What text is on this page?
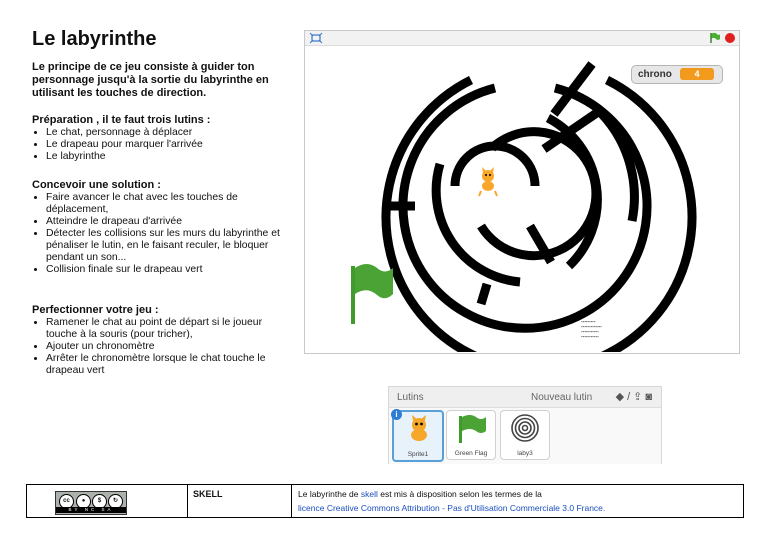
Le labyrinthe
Le principe de ce jeu consiste à guider ton personnage jusqu'à la sortie du labyrinthe en utilisant les touches de direction.
Préparation , il te faut trois lutins :
• Le chat, personnage à déplacer
• Le drapeau pour marquer l'arrivée
• Le labyrinthe
Concevoir une solution :
• Faire avancer le chat avec les touches de déplacement,
• Atteindre le drapeau d'arrivée
• Détecter les collisions sur les murs du labyrinthe et pénaliser le lutin, en le faisant reculer, le bloquer pendant un son...
• Collision finale sur le drapeau vert
Perfectionner votre jeu :
• Ramener le chat au point de départ si le joueur touche à la souris (pour tricher),
• Ajouter un chronomètre
• Arrêter le chronomètre lorsque le chat touche le drapeau vert
chrono	4
▪▪▪▪▪▪▪▪▪
▪▪▪▪▪▪▪▪▪▪▪▪▪
▪▪▪▪▪▪▪▪▪▪▪
▪▪▪▪▪▪▪▪▪▪▪
Lutins	Nouveau lutin ◆/⇪◙
i
Sprite1	Green Flag	laby3
cc	●	$	↻
BY NC SA
SKELL	Le labyrinthe de skell est mis à disposition selon les termes de la
licence Creative Commons Attribution - Pas d'Utilisation Commerciale 3.0 France.
